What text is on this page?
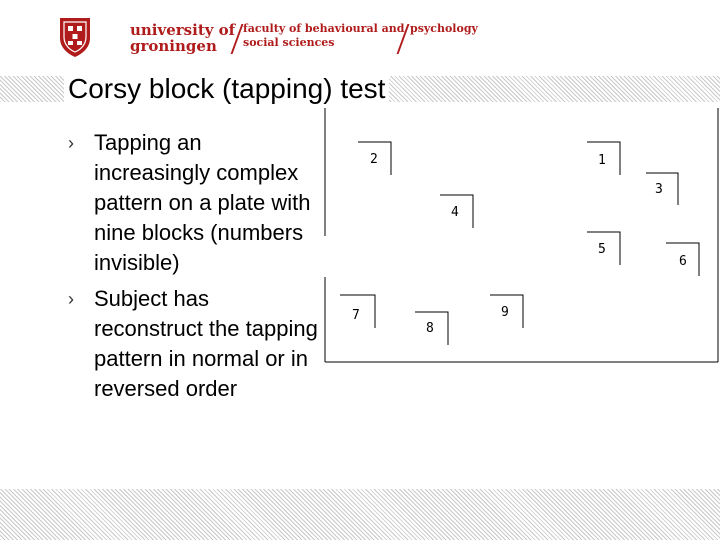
university of
groningen
faculty of behavioural and
social sciences
psychology
Corsy block (tapping) test
› Tapping an increasingly complex pattern on a plate with nine blocks (numbers invisible)
› Subject has reconstruct the tapping pattern in normal or in reversed order
1
2
3
4
5
6
7
8
9
